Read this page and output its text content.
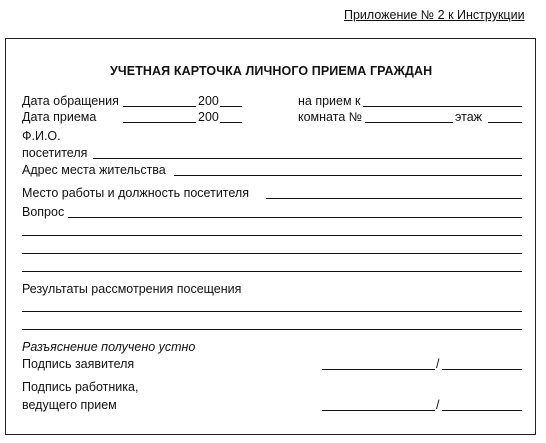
Приложение № 2 к Инструкции
УЧЕТНАЯ КАРТОЧКА ЛИЧНОГО ПРИЕМА ГРАЖДАН
Дата обращения	200	на прием к
Дата приема	200	комната №	этаж
Ф.И.О.
посетителя
Адрес места жительства
Место работы и должность посетителя
Вопрос
Результаты рассмотрения посещения
Разъяснение получено устно
Подпись заявителя	/
Подпись работника,
ведущего прием	/
